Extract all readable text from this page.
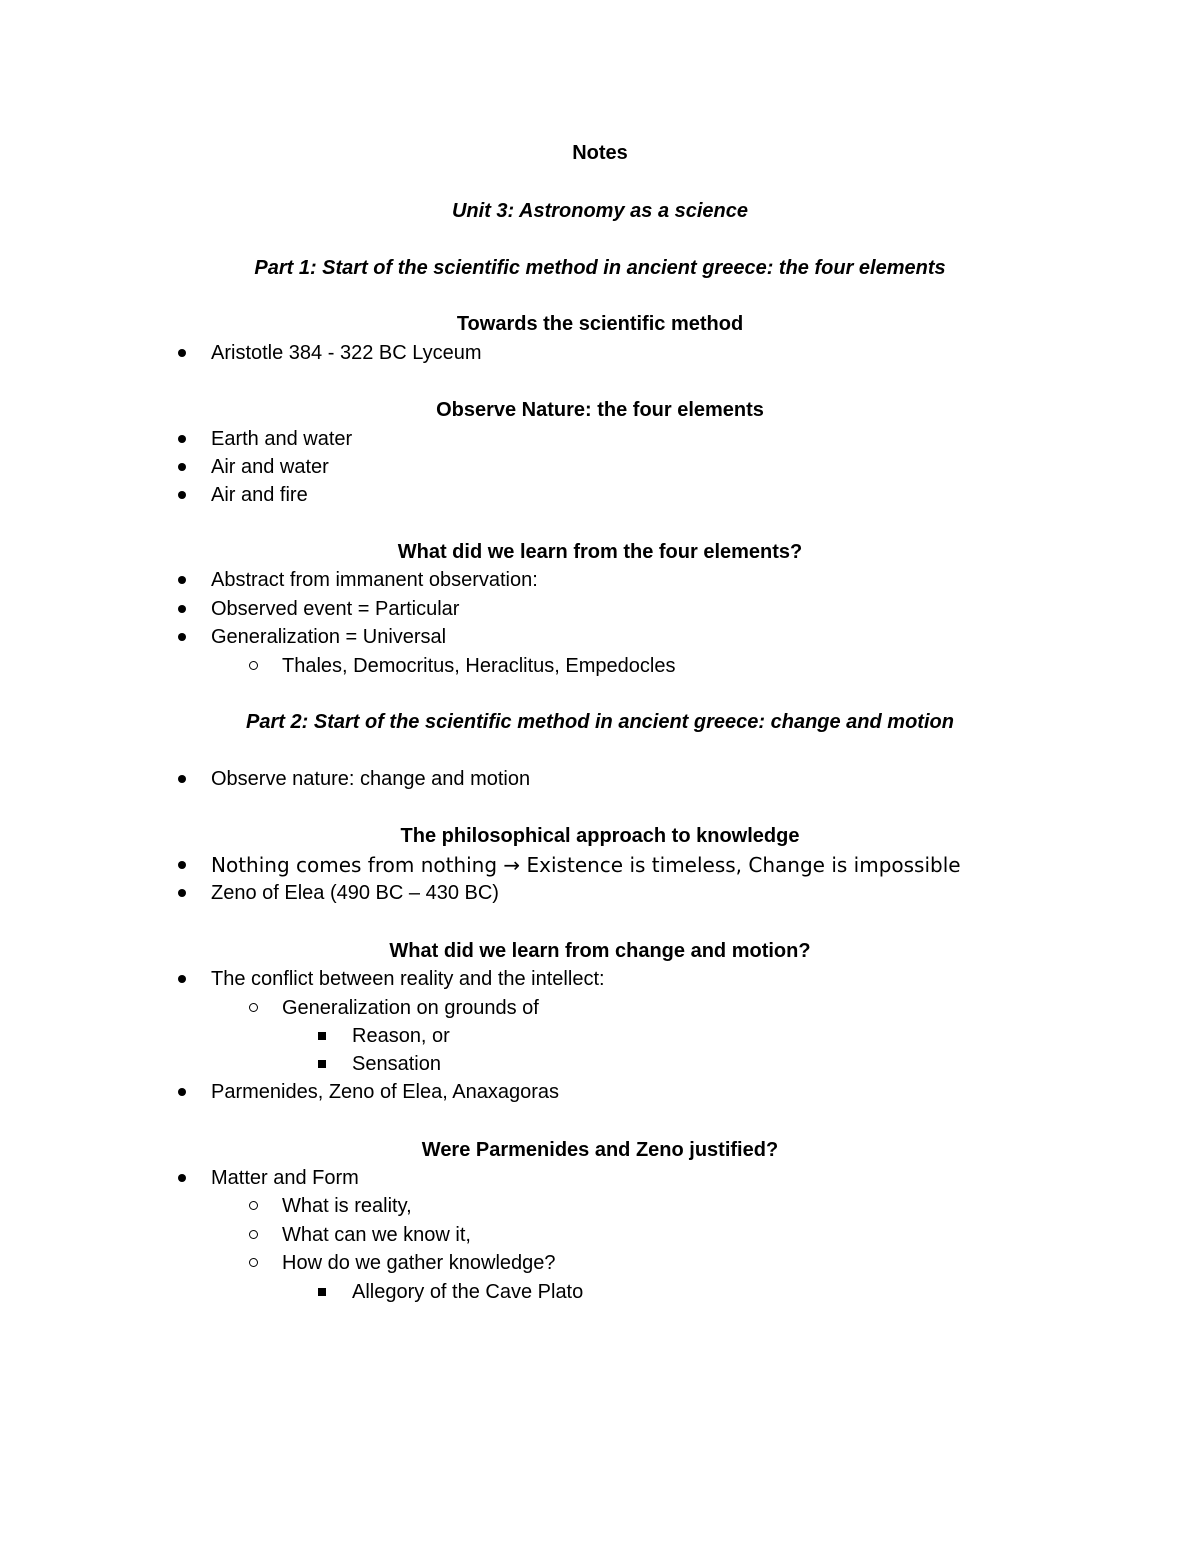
Notes
Unit 3: Astronomy as a science
Part 1: Start of the scientific method in ancient greece: the four elements
Towards the scientific method
Aristotle 384 - 322 BC Lyceum
Observe Nature: the four elements
Earth and water
Air and water
Air and fire
What did we learn from the four elements?
Abstract from immanent observation:
Observed event = Particular
Generalization = Universal
Thales, Democritus, Heraclitus, Empedocles
Part 2: Start of the scientific method in ancient greece: change and motion
Observe nature: change and motion
The philosophical approach to knowledge
Nothing comes from nothing → Existence is timeless, Change is impossible
Zeno of Elea (490 BC – 430 BC)
What did we learn from change and motion?
The conflict between reality and the intellect:
Generalization on grounds of
Reason, or
Sensation
Parmenides, Zeno of Elea, Anaxagoras
Were Parmenides and Zeno justified?
Matter and Form
What is reality,
What can we know it,
How do we gather knowledge?
Allegory of the Cave Plato
